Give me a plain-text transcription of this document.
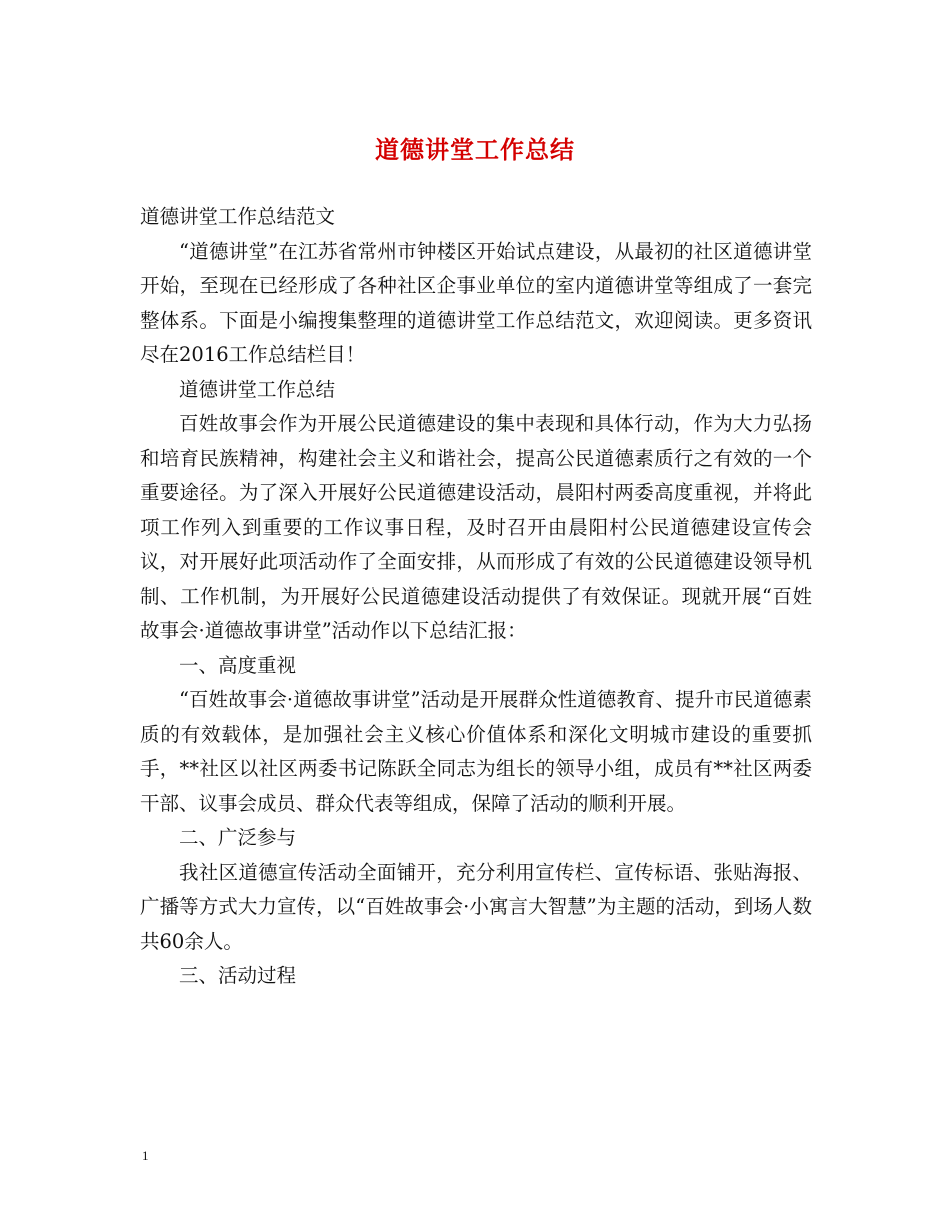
道德讲堂工作总结

道德讲堂工作总结范文

“道德讲堂”在江苏省常州市钟楼区开始试点建设，从最初的社区道德讲堂开始，至现在已经形成了各种社区企事业单位的室内道德讲堂等组成了一套完整体系。下面是小编搜集整理的道德讲堂工作总结范文，欢迎阅读。更多资讯尽在2016工作总结栏目！

道德讲堂工作总结

百姓故事会作为开展公民道德建设的集中表现和具体行动，作为大力弘扬和培育民族精神，构建社会主义和谐社会，提高公民道德素质行之有效的一个重要途径。为了深入开展好公民道德建设活动，晨阳村两委高度重视，并将此项工作列入到重要的工作议事日程，及时召开由晨阳村公民道德建设宣传会议，对开展好此项活动作了全面安排，从而形成了有效的公民道德建设领导机制、工作机制，为开展好公民道德建设活动提供了有效保证。现就开展“百姓故事会·道德故事讲堂”活动作以下总结汇报：

一、高度重视

“百姓故事会·道德故事讲堂”活动是开展群众性道德教育、提升市民道德素质的有效载体，是加强社会主义核心价值体系和深化文明城市建设的重要抓手，**社区以社区两委书记陈跃全同志为组长的领导小组，成员有**社区两委干部、议事会成员、群众代表等组成，保障了活动的顺利开展。

二、广泛参与

我社区道德宣传活动全面铺开，充分利用宣传栏、宣传标语、张贴海报、广播等方式大力宣传，以“百姓故事会·小寓言大智慧”为主题的活动，到场人数共60余人。

三、活动过程

1
